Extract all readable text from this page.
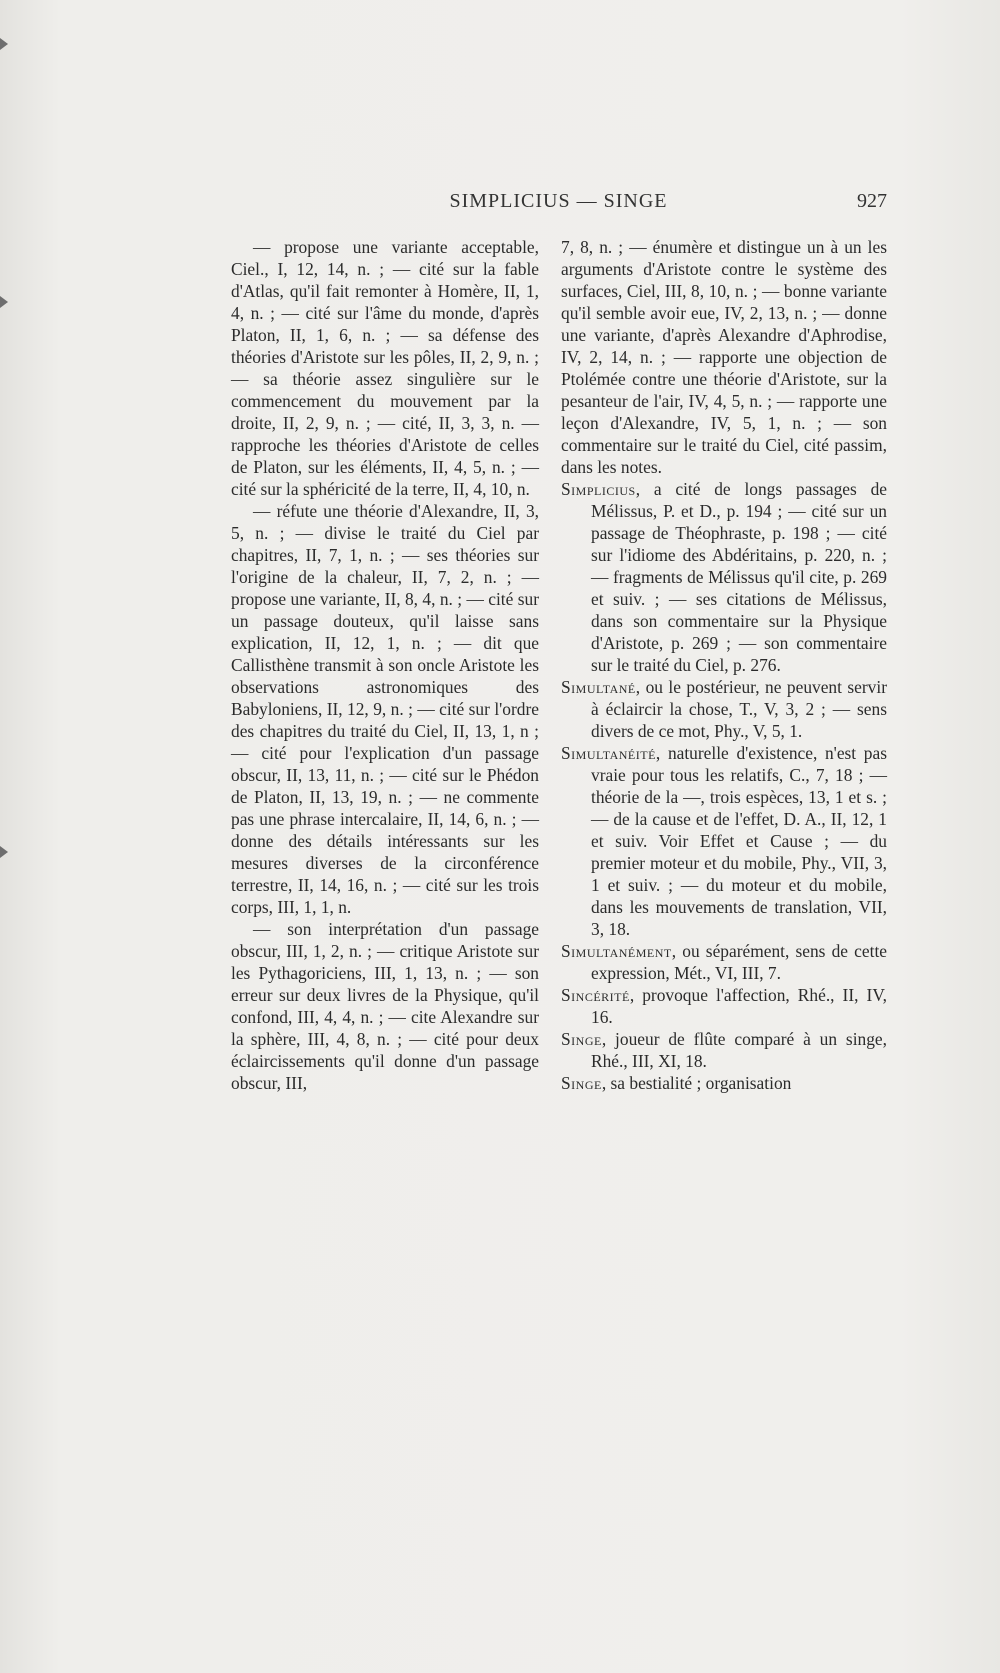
SIMPLICIUS — SINGE	927

— propose une variante acceptable, Ciel., I, 12, 14, n. ; — cité sur la fable d'Atlas, qu'il fait remonter à Homère, II, 1, 4, n. ; — cité sur l'âme du monde, d'après Platon, II, 1, 6, n. ; — sa défense des théories d'Aristote sur les pôles, II, 2, 9, n. ; — sa théorie assez singulière sur le commencement du mouvement par la droite, II, 2, 9, n. ; — cité, II, 3, 3, n. — rapproche les théories d'Aristote de celles de Platon, sur les éléments, II, 4, 5, n. ; — cité sur la sphéricité de la terre, II, 4, 10, n.

— réfute une théorie d'Alexandre, II, 3, 5, n. ; — divise le traité du Ciel par chapitres, II, 7, 1, n. ; — ses théories sur l'origine de la chaleur, II, 7, 2, n. ; — propose une variante, II, 8, 4, n. ; — cité sur un passage douteux, qu'il laisse sans explication, II, 12, 1, n. ; — dit que Callisthène transmit à son oncle Aristote les observations astronomiques des Babyloniens, II, 12, 9, n. ; — cité sur l'ordre des chapitres du traité du Ciel, II, 13, 1, n ; — cité pour l'explication d'un passage obscur, II, 13, 11, n. ; — cité sur le Phédon de Platon, II, 13, 19, n. ; — ne commente pas une phrase intercalaire, II, 14, 6, n. ; — donne des détails intéressants sur les mesures diverses de la circonférence terrestre, II, 14, 16, n. ; — cité sur les trois corps, III, 1, 1, n.

— son interprétation d'un passage obscur, III, 1, 2, n. ; — critique Aristote sur les Pythagoriciens, III, 1, 13, n. ; — son erreur sur deux livres de la Physique, qu'il confond, III, 4, 4, n. ; — cite Alexandre sur la sphère, III, 4, 8, n. ; — cité pour deux éclaircissements qu'il donne d'un passage obscur, III,

7, 8, n. ; — énumère et distingue un à un les arguments d'Aristote contre le système des surfaces, Ciel, III, 8, 10, n. ; — bonne variante qu'il semble avoir eue, IV, 2, 13, n. ; — donne une variante, d'après Alexandre d'Aphrodise, IV, 2, 14, n. ; — rapporte une objection de Ptolémée contre une théorie d'Aristote, sur la pesanteur de l'air, IV, 4, 5, n. ; — rapporte une leçon d'Alexandre, IV, 5, 1, n. ; — son commentaire sur le traité du Ciel, cité passim, dans les notes.

Simplicius, a cité de longs passages de Mélissus, P. et D., p. 194 ; — cité sur un passage de Théophraste, p. 198 ; — cité sur l'idiome des Abdéritains, p. 220, n. ; — fragments de Mélissus qu'il cite, p. 269 et suiv. ; — ses citations de Mélissus, dans son commentaire sur la Physique d'Aristote, p. 269 ; — son commentaire sur le traité du Ciel, p. 276.

Simultané, ou le postérieur, ne peuvent servir à éclaircir la chose, T., V, 3, 2 ; — sens divers de ce mot, Phy., V, 5, 1.

Simultanéité, naturelle d'existence, n'est pas vraie pour tous les relatifs, C., 7, 18 ; — théorie de la —, trois espèces, 13, 1 et s. ; — de la cause et de l'effet, D. A., II, 12, 1 et suiv. Voir Effet et Cause ; — du premier moteur et du mobile, Phy., VII, 3, 1 et suiv. ; — du moteur et du mobile, dans les mouvements de translation, VII, 3, 18.

Simultanément, ou séparément, sens de cette expression, Mét., VI, III, 7.

Sincérité, provoque l'affection, Rhé., II, IV, 16.

Singe, joueur de flûte comparé à un singe, Rhé., III, XI, 18.

Singe, sa bestialité ; organisation
